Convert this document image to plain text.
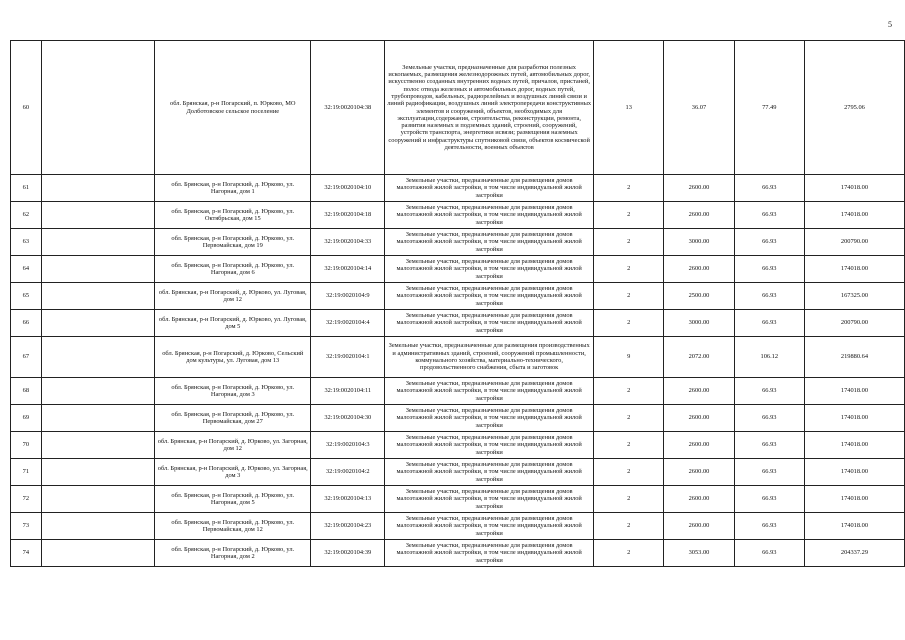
5
60		обл. Брянская, р-н Погарский, п. Юрково, МО Долботовское сельское поселение	32:19:0020104:38	Земельные участки, предназначенные для разработки полезных ископаемых, размещения железнодорожных путей, автомобильных дорог, искусственно созданных внутренних водных путей, причалов, пристаней, полос отвода железных и автомобильных дорог, водных путей, трубопроводов, кабельных, радиорелейных и воздушных линий связи и линий радиофикации, воздушных линий электропередачи конструктивных элементов и сооружений, объектов, необходимых для эксплуатации,содержания, строительства, реконструкции, ремонта, развития наземных и подземных зданий, строений, сооружений, устройств транспорта, энергетики исвязи; размещения наземных сооружений и инфраструктуры спутниковой связи, объектов космической деятельности, военных объектов	13	36.07	77.49	2795.06
61		обл. Брянская, р-н Погарский, д. Юрково, ул. Нагорная, дом 1	32:19:0020104:10	Земельные участки, предназначенные для размещения домов малоэтажной жилой застройки, в том числе индивидуальной жилой застройки	2	2600.00	66.93	174018.00
62		обл. Брянская, р-н Погарский, д. Юрково, ул. Октябрьская, дом 15	32:19:0020104:18	Земельные участки, предназначенные для размещения домов малоэтажной жилой застройки, в том числе индивидуальной жилой застройки	2	2600.00	66.93	174018.00
63		обл. Брянская, р-н Погарский, д. Юрково, ул. Первомайская, дом 19	32:19:0020104:33	Земельные участки, предназначенные для размещения домов малоэтажной жилой застройки, в том числе индивидуальной жилой застройки	2	3000.00	66.93	200790.00
64		обл. Брянская, р-н Погарский, д. Юрково, ул. Нагорная, дом 6	32:19:0020104:14	Земельные участки, предназначенные для размещения домов малоэтажной жилой застройки, в том числе индивидуальной жилой застройки	2	2600.00	66.93	174018.00
65		обл. Брянская, р-н Погарский, д. Юрково, ул. Луговая, дом 12	32:19:0020104:9	Земельные участки, предназначенные для размещения домов малоэтажной жилой застройки, в том числе индивидуальной жилой застройки	2	2500.00	66.93	167325.00
66		обл. Брянская, р-н Погарский, д. Юрково, ул. Луговая, дом 5	32:19:0020104:4	Земельные участки, предназначенные для размещения домов малоэтажной жилой застройки, в том числе индивидуальной жилой застройки	2	3000.00	66.93	200790.00
67		обл. Брянская, р-н Погарский, д. Юрково, Сельский дом культуры, ул. Луговая, дом 13	32:19:0020104:1	Земельные участки, предназначенные для размещения производственных и административных зданий, строений, сооружений промышленности, коммунального хозяйства, материально-технического, продовольственного снабжения, сбыта и заготовок	9	2072.00	106.12	219880.64
68		обл. Брянская, р-н Погарский, д. Юрково, ул. Нагорная, дом 3	32:19:0020104:11	Земельные участки, предназначенные для размещения домов малоэтажной жилой застройки, в том числе индивидуальной жилой застройки	2	2600.00	66.93	174018.00
69		обл. Брянская, р-н Погарский, д. Юрково, ул. Первомайская, дом 27	32:19:0020104:30	Земельные участки, предназначенные для размещения домов малоэтажной жилой застройки, в том числе индивидуальной жилой застройки	2	2600.00	66.93	174018.00
70		обл. Брянская, р-н Погарский, д. Юрково, ул. Загорная, дом 12	32:19:0020104:3	Земельные участки, предназначенные для размещения домов малоэтажной жилой застройки, в том числе индивидуальной жилой застройки	2	2600.00	66.93	174018.00
71		обл. Брянская, р-н Погарский, д. Юрково, ул. Загорная, дом 3	32:19:0020104:2	Земельные участки, предназначенные для размещения домов малоэтажной жилой застройки, в том числе индивидуальной жилой застройки	2	2600.00	66.93	174018.00
72		обл. Брянская, р-н Погарский, д. Юрково, ул. Нагорная, дом 5	32:19:0020104:13	Земельные участки, предназначенные для размещения домов малоэтажной жилой застройки, в том числе индивидуальной жилой застройки	2	2600.00	66.93	174018.00
73		обл. Брянская, р-н Погарский, д. Юрково, ул. Первомайская, дом 12	32:19:0020104:23	Земельные участки, предназначенные для размещения домов малоэтажной жилой застройки, в том числе индивидуальной жилой застройки	2	2600.00	66.93	174018.00
74		обл. Брянская, р-н Погарский, д. Юрково, ул. Нагорная, дом 2	32:19:0020104:39	Земельные участки, предназначенные для размещения домов малоэтажной жилой застройки, в том числе индивидуальной жилой застройки	2	3053.00	66.93	204337.29
